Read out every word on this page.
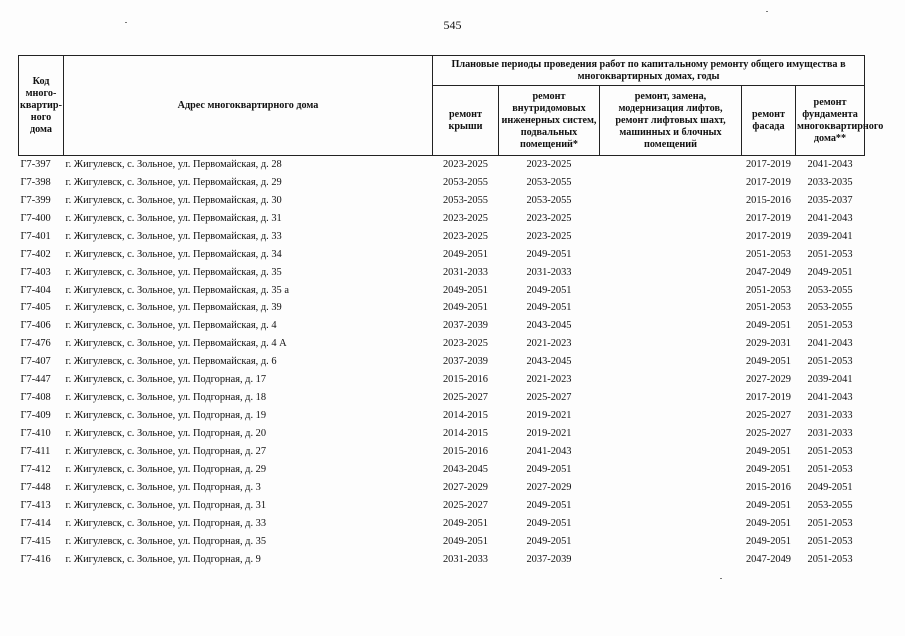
545
Код много-квартир-ного дома	Адрес многоквартирного дома	Плановые периоды проведения работ по капитальному ремонту общего имущества в многоквартирных домах, годы				
		ремонт крыши	ремонт внутридомовых инженерных систем, подвальных помещений*	ремонт, замена, модернизация лифтов, ремонт лифтовых шахт, машинных и блочных помещений	ремонт фасада	ремонт фундамента многоквартирного дома**
Г7-397	г. Жигулевск, с. Зольное, ул. Первомайская, д. 28	2023-2025	2023-2025		2017-2019	2041-2043
Г7-398	г. Жигулевск, с. Зольное, ул. Первомайская, д. 29	2053-2055	2053-2055		2017-2019	2033-2035
Г7-399	г. Жигулевск, с. Зольное, ул. Первомайская, д. 30	2053-2055	2053-2055		2015-2016	2035-2037
Г7-400	г. Жигулевск, с. Зольное, ул. Первомайская, д. 31	2023-2025	2023-2025		2017-2019	2041-2043
Г7-401	г. Жигулевск, с. Зольное, ул. Первомайская, д. 33	2023-2025	2023-2025		2017-2019	2039-2041
Г7-402	г. Жигулевск, с. Зольное, ул. Первомайская, д. 34	2049-2051	2049-2051		2051-2053	2051-2053
Г7-403	г. Жигулевск, с. Зольное, ул. Первомайская, д. 35	2031-2033	2031-2033		2047-2049	2049-2051
Г7-404	г. Жигулевск, с. Зольное, ул. Первомайская, д. 35 а	2049-2051	2049-2051		2051-2053	2053-2055
Г7-405	г. Жигулевск, с. Зольное, ул. Первомайская, д. 39	2049-2051	2049-2051		2051-2053	2053-2055
Г7-406	г. Жигулевск, с. Зольное, ул. Первомайская, д. 4	2037-2039	2043-2045		2049-2051	2051-2053
Г7-476	г. Жигулевск, с. Зольное, ул. Первомайская, д. 4 А	2023-2025	2021-2023		2029-2031	2041-2043
Г7-407	г. Жигулевск, с. Зольное, ул. Первомайская, д. 6	2037-2039	2043-2045		2049-2051	2051-2053
Г7-447	г. Жигулевск, с. Зольное, ул. Подгорная, д. 17	2015-2016	2021-2023		2027-2029	2039-2041
Г7-408	г. Жигулевск, с. Зольное, ул. Подгорная, д. 18	2025-2027	2025-2027		2017-2019	2041-2043
Г7-409	г. Жигулевск, с. Зольное, ул. Подгорная, д. 19	2014-2015	2019-2021		2025-2027	2031-2033
Г7-410	г. Жигулевск, с. Зольное, ул. Подгорная, д. 20	2014-2015	2019-2021		2025-2027	2031-2033
Г7-411	г. Жигулевск, с. Зольное, ул. Подгорная, д. 27	2015-2016	2041-2043		2049-2051	2051-2053
Г7-412	г. Жигулевск, с. Зольное, ул. Подгорная, д. 29	2043-2045	2049-2051		2049-2051	2051-2053
Г7-448	г. Жигулевск, с. Зольное, ул. Подгорная, д. 3	2027-2029	2027-2029		2015-2016	2049-2051
Г7-413	г. Жигулевск, с. Зольное, ул. Подгорная, д. 31	2025-2027	2049-2051		2049-2051	2053-2055
Г7-414	г. Жигулевск, с. Зольное, ул. Подгорная, д. 33	2049-2051	2049-2051		2049-2051	2051-2053
Г7-415	г. Жигулевск, с. Зольное, ул. Подгорная, д. 35	2049-2051	2049-2051		2049-2051	2051-2053
Г7-416	г. Жигулевск, с. Зольное, ул. Подгорная, д. 9	2031-2033	2037-2039		2047-2049	2051-2053
